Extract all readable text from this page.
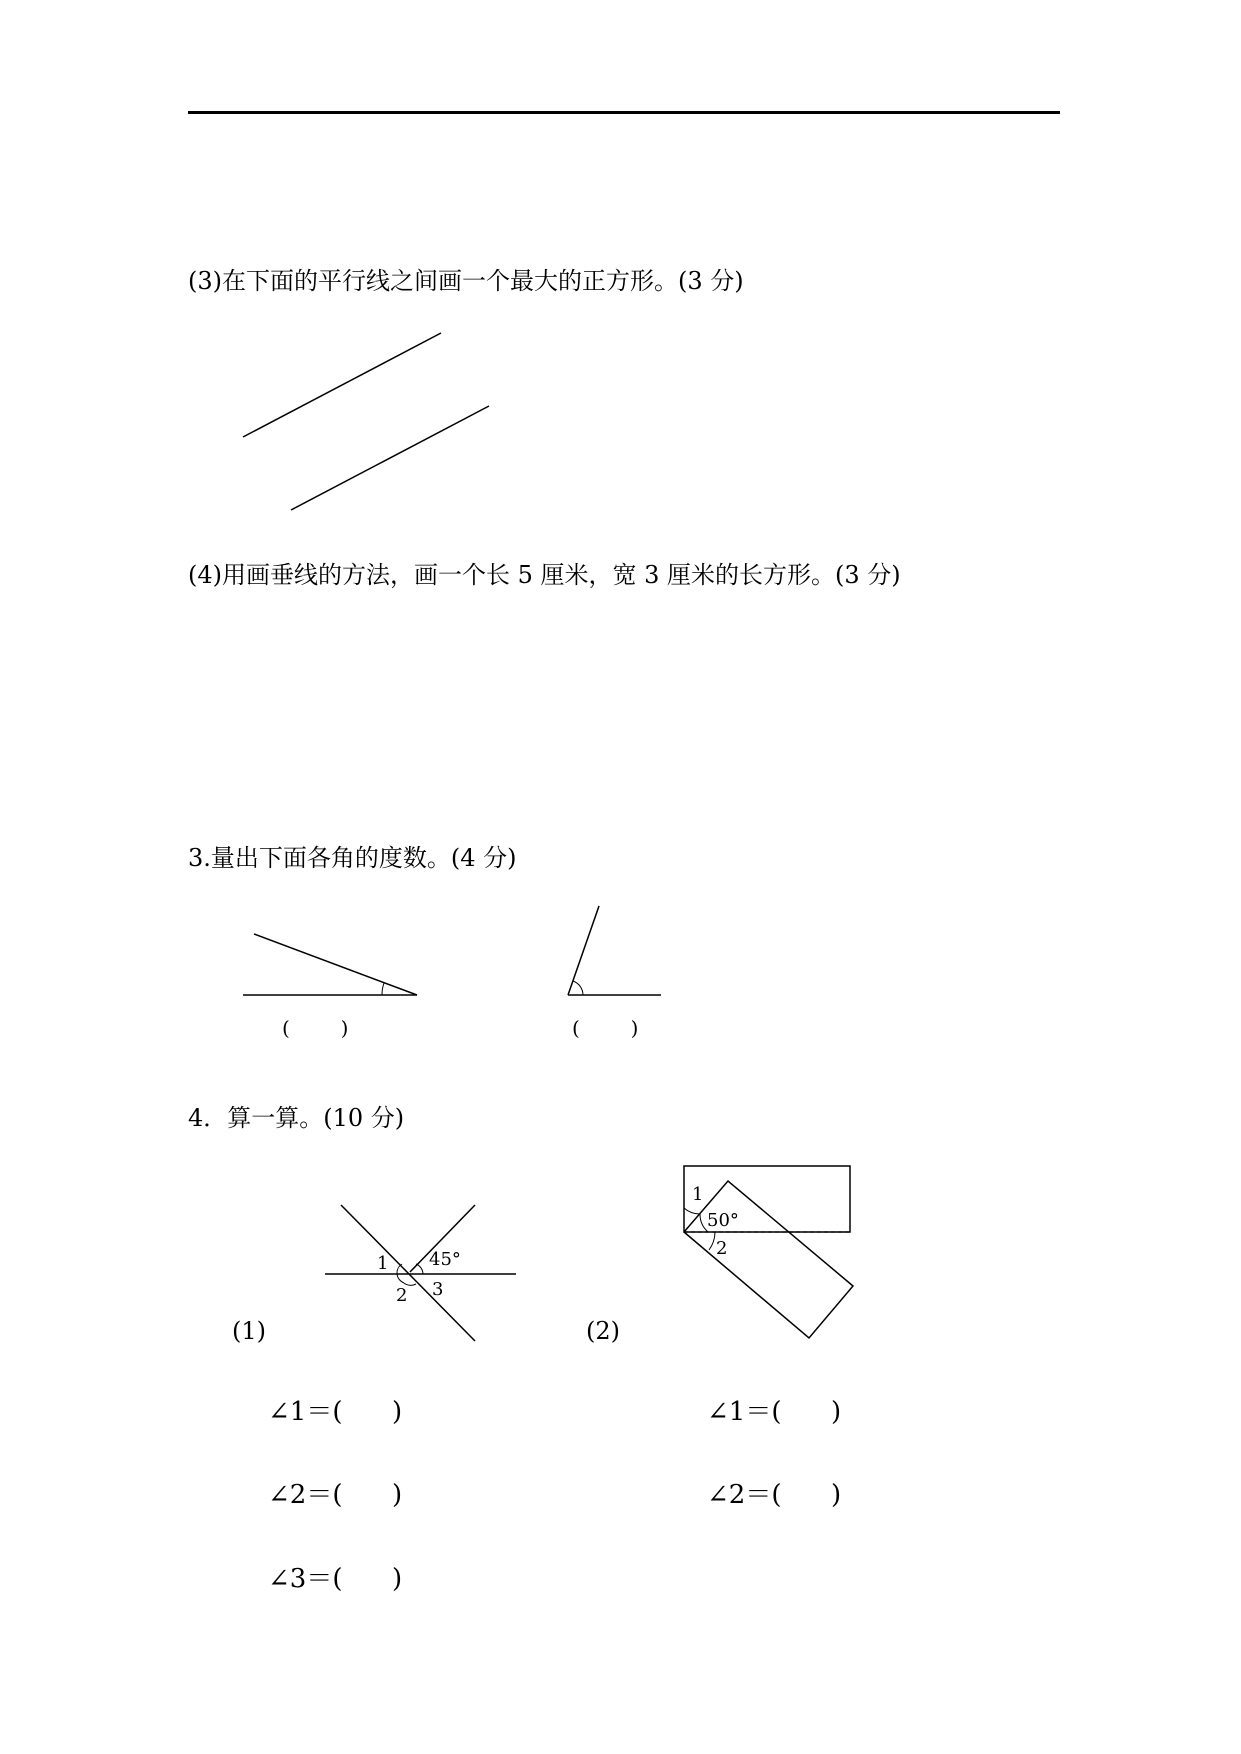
(3)在下面的平行线之间画一个最大的正方形。(3 分)
(4)用画垂线的方法，画一个长 5 厘米，宽 3 厘米的长方形。(3 分)
3.量出下面各角的度数。(4 分)
4．算一算。(10 分)
1
2 3
45°
1
50°
2
(        )	(        )
(1)	(2)
∠1＝(      )
∠2＝(      )
∠3＝(      )
∠1＝(      )
∠2＝(      )
